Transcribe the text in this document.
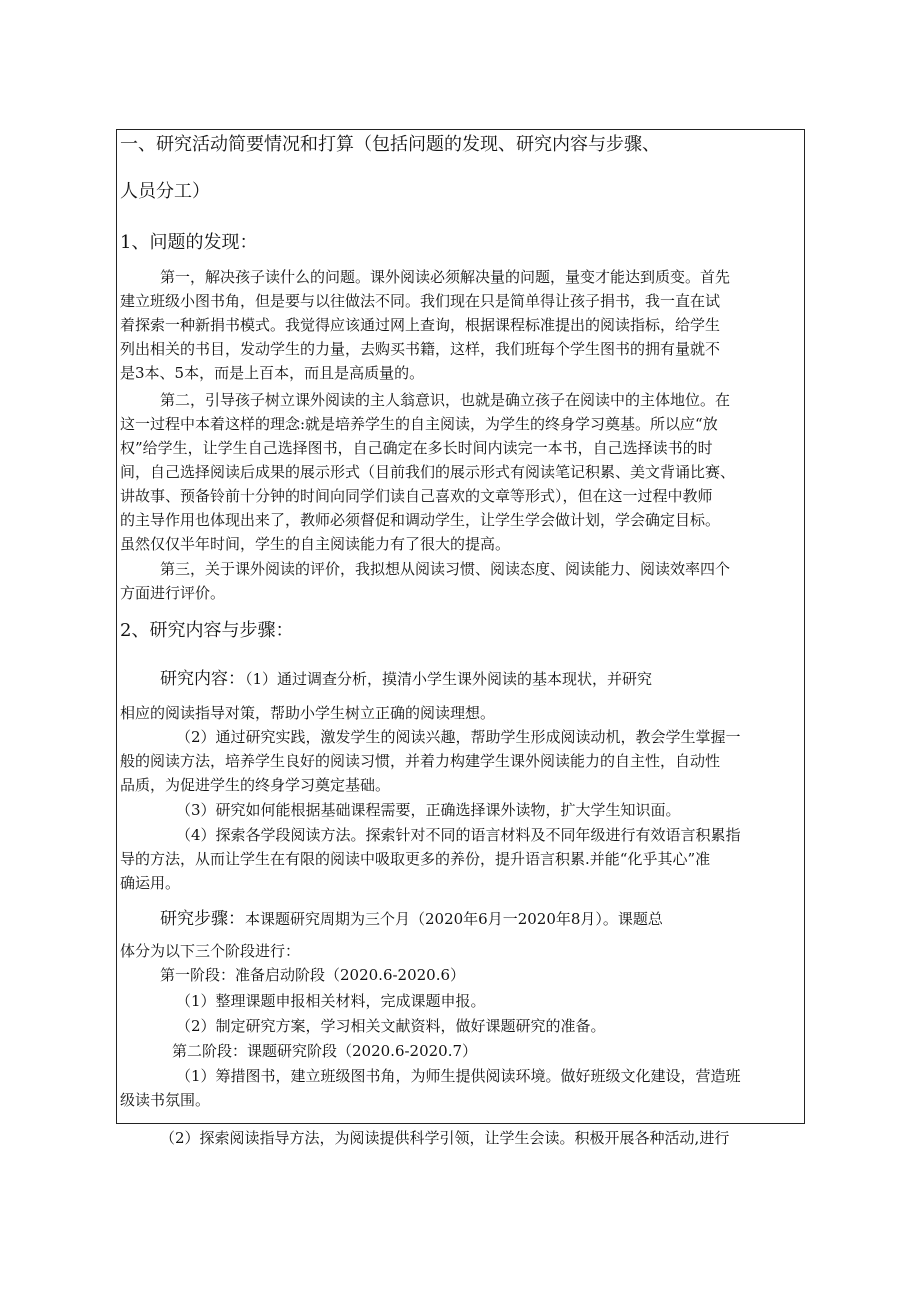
一、研究活动简要情况和打算（包括问题的发现、研究内容与步骤、
人员分工）
1、问题的发现：
第一，解决孩子读什么的问题。课外阅读必须解决量的问题，量变才能达到质变。首先
建立班级小图书角，但是要与以往做法不同。我们现在只是简单得让孩子捐书，我一直在试
着探索一种新捐书模式。我觉得应该通过网上查询，根据课程标准提出的阅读指标，给学生
列出相关的书目，发动学生的力量，去购买书籍，这样，我们班每个学生图书的拥有量就不
是3本、5本，而是上百本，而且是高质量的。
第二，引导孩子树立课外阅读的主人翁意识，也就是确立孩子在阅读中的主体地位。在
这一过程中本着这样的理念:就是培养学生的自主阅读，为学生的终身学习奠基。所以应“放
权”给学生，让学生自己选择图书，自己确定在多长时间内读完一本书，自己选择读书的时
间，自己选择阅读后成果的展示形式（目前我们的展示形式有阅读笔记积累、美文背诵比赛、
讲故事、预备铃前十分钟的时间向同学们读自己喜欢的文章等形式），但在这一过程中教师
的主导作用也体现出来了，教师必须督促和调动学生，让学生学会做计划，学会确定目标。
虽然仅仅半年时间，学生的自主阅读能力有了很大的提高。
第三，关于课外阅读的评价，我拟想从阅读习惯、阅读态度、阅读能力、阅读效率四个
方面进行评价。
2、研究内容与步骤：
研究内容：（1）通过调查分析，摸清小学生课外阅读的基本现状，并研究
相应的阅读指导对策，帮助小学生树立正确的阅读理想。
（2）通过研究实践，激发学生的阅读兴趣，帮助学生形成阅读动机，教会学生掌握一
般的阅读方法，培养学生良好的阅读习惯，并着力构建学生课外阅读能力的自主性，自动性
品质，为促进学生的终身学习奠定基础。
（3）研究如何能根据基础课程需要，正确选择课外读物，扩大学生知识面。
（4）探索各学段阅读方法。探索针对不同的语言材料及不同年级进行有效语言积累指
导的方法，从而让学生在有限的阅读中吸取更多的养份，提升语言积累.并能“化乎其心”准
确运用。
研究步骤：本课题研究周期为三个月（2020年6月一2020年8月）。课题总
体分为以下三个阶段进行：
第一阶段：准备启动阶段（2020.6-2020.6）
（1）整理课题申报相关材料，完成课题申报。
（2）制定研究方案，学习相关文献资料，做好课题研究的准备。
第二阶段：课题研究阶段（2020.6-2020.7）
（1）筹措图书，建立班级图书角，为师生提供阅读环境。做好班级文化建设，营造班
级读书氛围。
（2）探索阅读指导方法，为阅读提供科学引领，让学生会读。积极开展各种活动,进行
